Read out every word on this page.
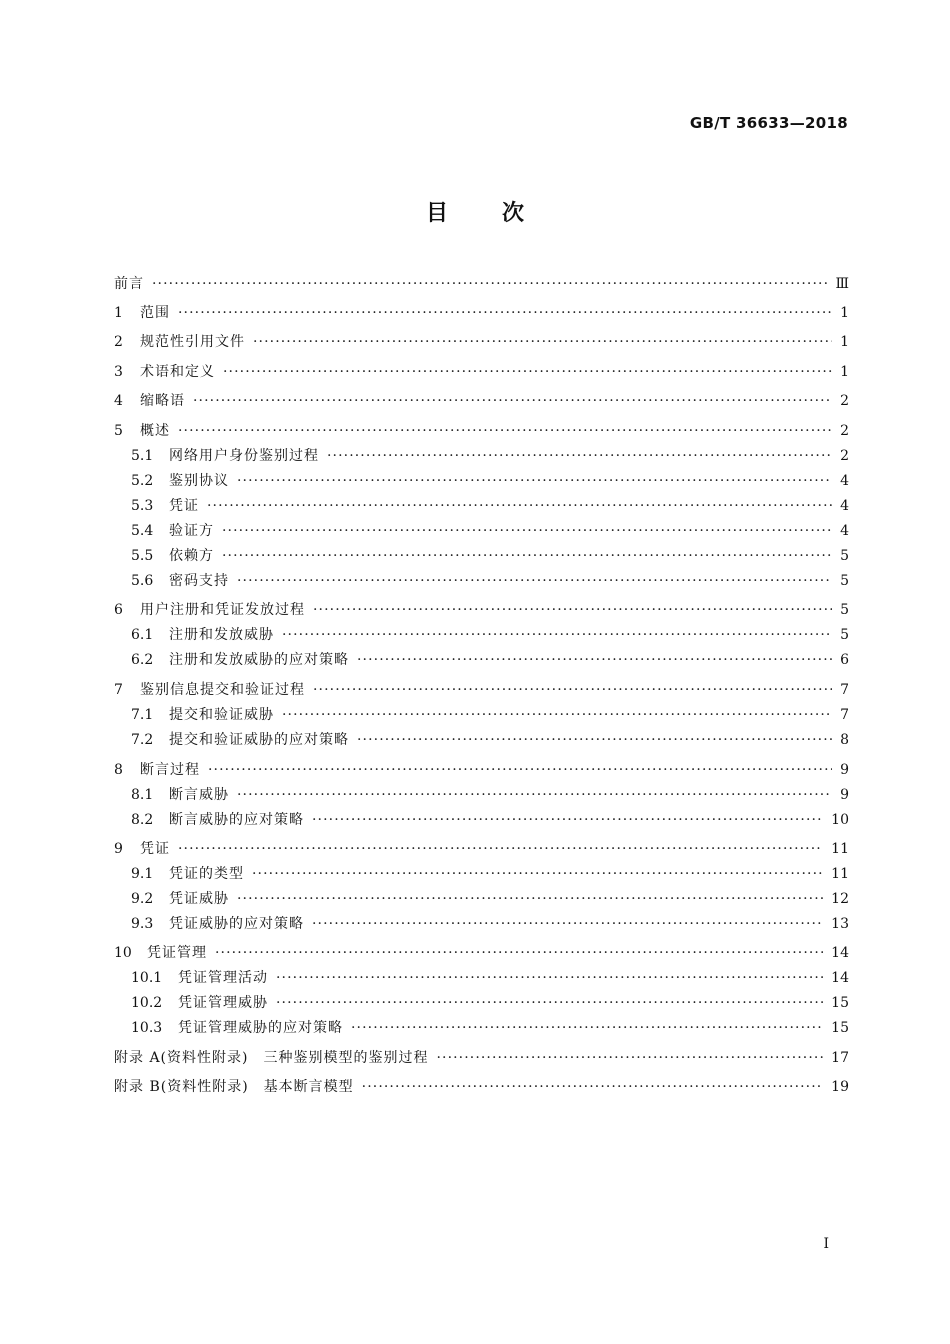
GB/T 36633—2018
目次
前言 ·····	Ⅲ
1	范围 ·····	1
2	规范性引用文件 ·····	1
3	术语和定义 ·····	1
4	缩略语 ·····	2
5	概述 ·····	2
5.1	网络用户身份鉴别过程 ·····	2
5.2	鉴别协议 ·····	4
5.3	凭证 ·····	4
5.4	验证方 ·····	4
5.5	依赖方 ·····	5
5.6	密码支持 ·····	5
6	用户注册和凭证发放过程 ·····	5
6.1	注册和发放威胁 ·····	5
6.2	注册和发放威胁的应对策略 ·····	6
7	鉴别信息提交和验证过程 ·····	7
7.1	提交和验证威胁 ·····	7
7.2	提交和验证威胁的应对策略 ·····	8
8	断言过程 ·····	9
8.1	断言威胁 ·····	9
8.2	断言威胁的应对策略 ·····	10
9	凭证 ·····	11
9.1	凭证的类型 ·····	11
9.2	凭证威胁 ·····	12
9.3	凭证威胁的应对策略 ·····	13
10	凭证管理 ·····	14
10.1	凭证管理活动 ·····	14
10.2	凭证管理威胁 ·····	15
10.3	凭证管理威胁的应对策略 ·····	15
附录 A(资料性附录)　三种鉴别模型的鉴别过程 ·····	17
附录 B(资料性附录)　基本断言模型 ·····	19
I
